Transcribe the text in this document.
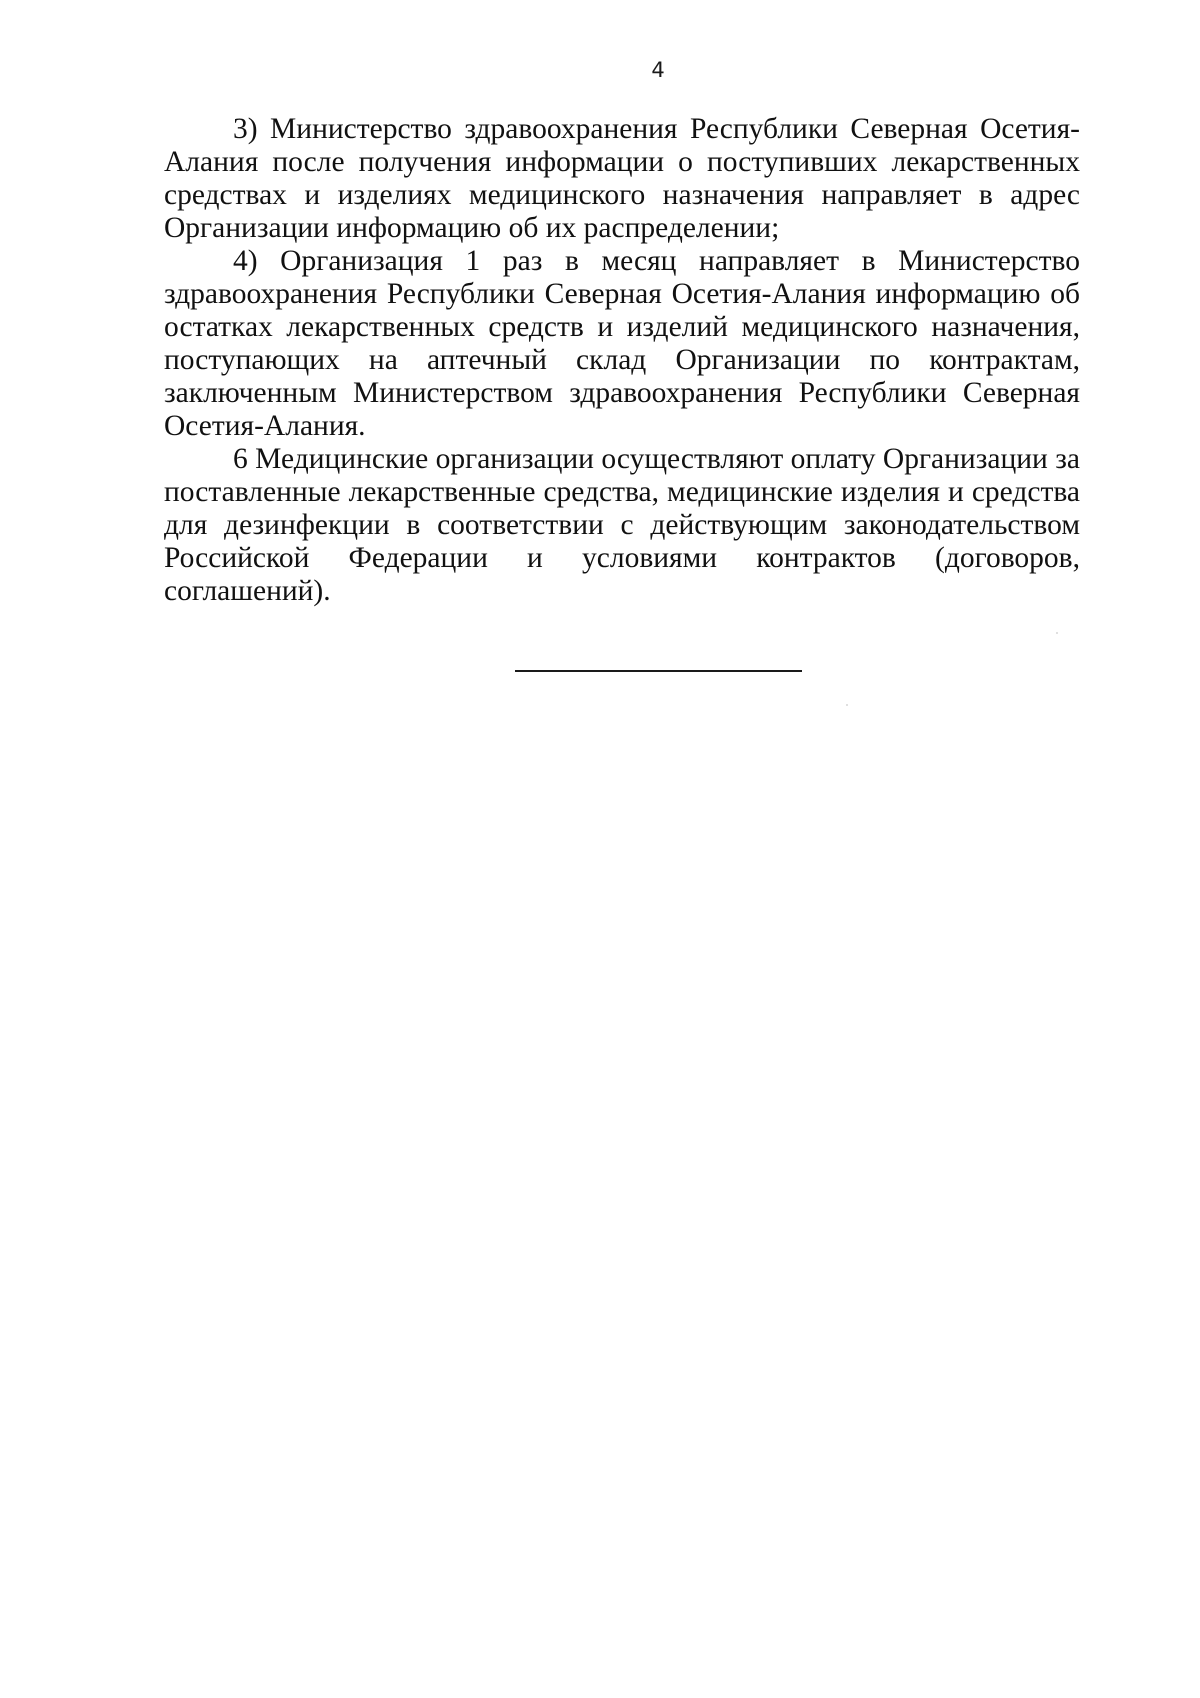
4

3) Министерство здравоохранения Республики Северная Осетия-Алания после получения информации о поступивших лекарственных средствах и изделиях медицинского назначения направляет в адрес Организации информацию об их распределении;

4) Организация 1 раз в месяц направляет в Министерство здравоохранения Республики Северная Осетия-Алания информацию об остатках лекарственных средств и изделий медицинского назначения, поступающих на аптечный склад Организации по контрактам, заключенным Министерством здравоохранения Республики Северная Осетия-Алания.

6 Медицинские организации осуществляют оплату Организации за поставленные лекарственные средства, медицинские изделия и средства для дезинфекции в соответствии с действующим законодательством Российской Федерации и условиями контрактов (договоров, соглашений).
